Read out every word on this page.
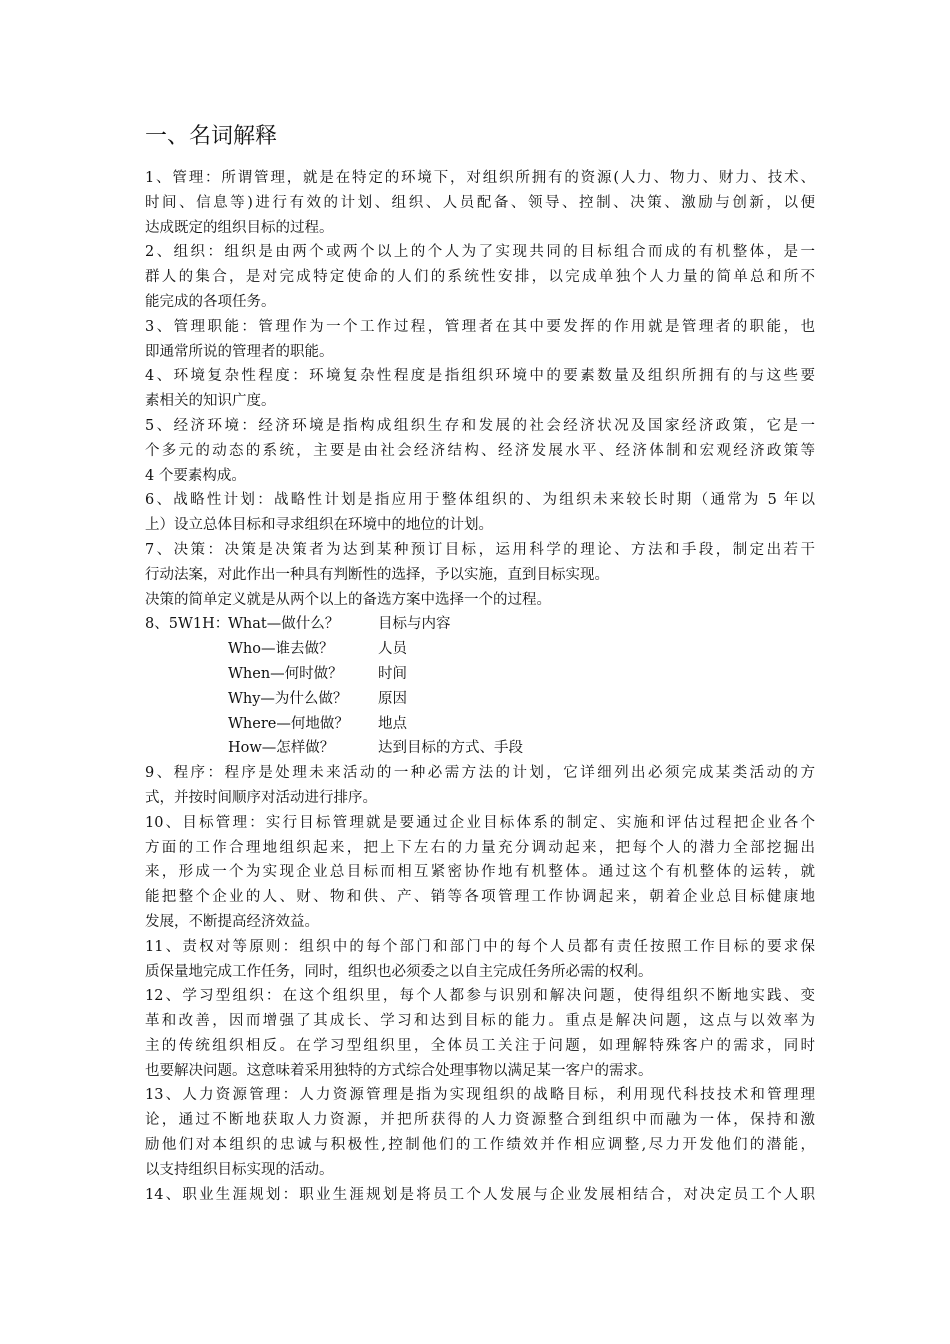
一、名词解释
1、管理：所谓管理，就是在特定的环境下，对组织所拥有的资源(人力、物力、财力、技术、
时间、信息等)进行有效的计划、组织、人员配备、领导、控制、决策、激励与创新，以便
达成既定的组织目标的过程。
2、组织：组织是由两个或两个以上的个人为了实现共同的目标组合而成的有机整体，是一
群人的集合，是对完成特定使命的人们的系统性安排，以完成单独个人力量的简单总和所不
能完成的各项任务。
3、管理职能：管理作为一个工作过程，管理者在其中要发挥的作用就是管理者的职能，也
即通常所说的管理者的职能。
4、环境复杂性程度：环境复杂性程度是指组织环境中的要素数量及组织所拥有的与这些要
素相关的知识广度。
5、经济环境：经济环境是指构成组织生存和发展的社会经济状况及国家经济政策，它是一
个多元的动态的系统，主要是由社会经济结构、经济发展水平、经济体制和宏观经济政策等
4 个要素构成。
6、战略性计划：战略性计划是指应用于整体组织的、为组织未来较长时期（通常为 5 年以
上）设立总体目标和寻求组织在环境中的地位的计划。
7、决策：决策是决策者为达到某种预订目标，运用科学的理论、方法和手段，制定出若干
行动法案，对此作出一种具有判断性的选择，予以实施，直到目标实现。
决策的简单定义就是从两个以上的备选方案中选择一个的过程。
8、5W1H：
What—做什么？	目标与内容
Who—谁去做？	人员
When—何时做？ 时间
Why—为什么做？ 原因
Where—何地做？ 地点
How—怎样做？	达到目标的方式、手段
9、程序：程序是处理未来活动的一种必需方法的计划，它详细列出必须完成某类活动的方
式，并按时间顺序对活动进行排序。
10、目标管理：实行目标管理就是要通过企业目标体系的制定、实施和评估过程把企业各个
方面的工作合理地组织起来，把上下左右的力量充分调动起来，把每个人的潜力全部挖掘出
来，形成一个为实现企业总目标而相互紧密协作地有机整体。通过这个有机整体的运转，就
能把整个企业的人、财、物和供、产、销等各项管理工作协调起来，朝着企业总目标健康地
发展，不断提高经济效益。
11、责权对等原则：组织中的每个部门和部门中的每个人员都有责任按照工作目标的要求保
质保量地完成工作任务，同时，组织也必须委之以自主完成任务所必需的权利。
12、学习型组织：在这个组织里，每个人都参与识别和解决问题，使得组织不断地实践、变
革和改善，因而增强了其成长、学习和达到目标的能力。重点是解决问题，这点与以效率为
主的传统组织相反。在学习型组织里，全体员工关注于问题，如理解特殊客户的需求，同时
也要解决问题。这意味着采用独特的方式综合处理事物以满足某一客户的需求。
13、人力资源管理：人力资源管理是指为实现组织的战略目标，利用现代科技技术和管理理
论，通过不断地获取人力资源，并把所获得的人力资源整合到组织中而融为一体，保持和激
励他们对本组织的忠诚与积极性,控制他们的工作绩效并作相应调整,尽力开发他们的潜能，
以支持组织目标实现的活动。
14、职业生涯规划：职业生涯规划是将员工个人发展与企业发展相结合，对决定员工个人职
